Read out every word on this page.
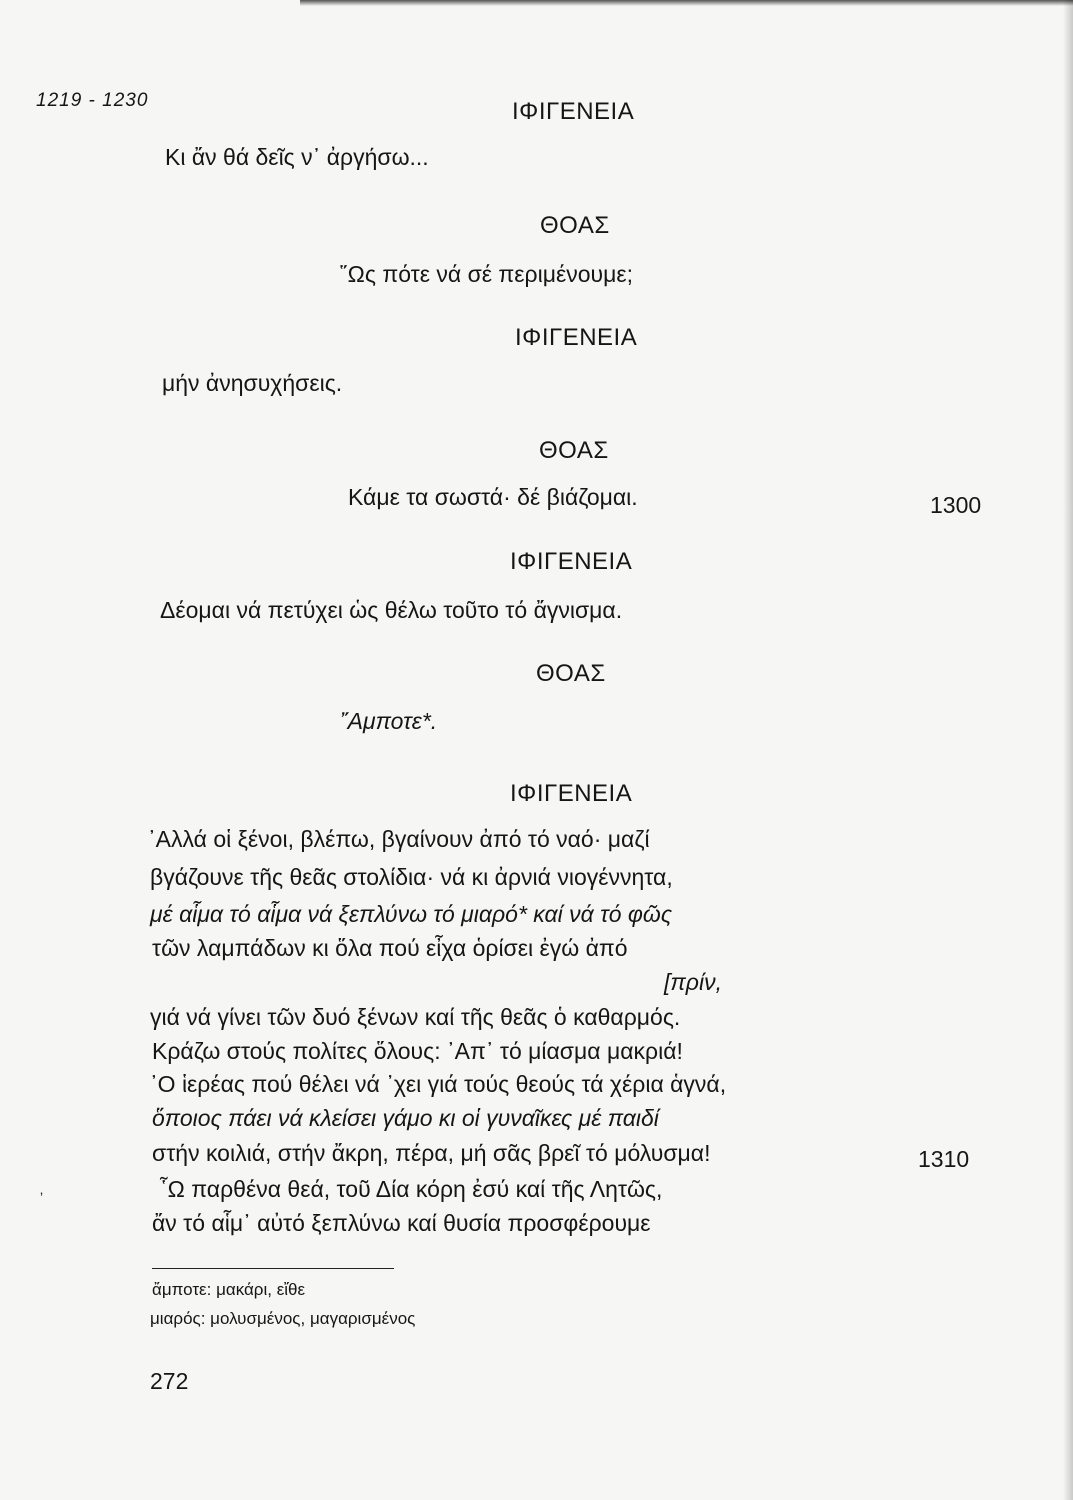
1219 - 1230	ΙΦΙΓΕΝΕΙΑ
Κι ἄν θά δεῖς ν᾿ ἀργήσω...
ΘΟΑΣ
῞Ως πότε νά σέ περιμένουμε;
ΙΦΙΓΕΝΕΙΑ
μήν ἀνησυχήσεις.
ΘΟΑΣ
Κάμε τα σωστά· δέ βιάζομαι.	1300
ΙΦΙΓΕΝΕΙΑ
Δέομαι νά πετύχει ὡς θέλω τοῦτο τό ἄγνισμα.
ΘΟΑΣ
῎Αμποτε*.
ΙΦΙΓΕΝΕΙΑ
᾿Αλλά οἱ ξένοι, βλέπω, βγαίνουν ἀπό τό ναό· μαζί
βγάζουνε τῆς θεᾶς στολίδια· νά κι ἀρνιά νιογέννητα,
μέ αἷμα τό αἷμα νά ξεπλύνω τό μιαρό* καί νά τό φῶς
τῶν λαμπάδων κι ὅλα πού εἶχα ὁρίσει ἐγώ ἀπό
[πρίν,
γιά νά γίνει τῶν δυό ξένων καί τῆς θεᾶς ὁ καθαρμός.
Κράζω στούς πολίτες ὅλους: ᾿Απ᾿ τό μίασμα μακριά!
᾿Ο ἱερέας πού θέλει νά ᾿χει γιά τούς θεούς τά χέρια ἁγνά,
ὅποιος πάει νά κλείσει γάμο κι οἱ γυναῖκες μέ παιδί
στήν κοιλιά, στήν ἄκρη, πέρα, μή σᾶς βρεῖ τό μόλυσμα!	1310
῟Ω παρθένα θεά, τοῦ Δία κόρη ἐσύ καί τῆς Λητῶς,
ἄν τό αἷμ᾿ αὐτό ξεπλύνω καί θυσία προσφέρουμε
ʼ
ἄμποτε: μακάρι, εἴθε
μιαρός: μολυσμένος, μαγαρισμένος
272
